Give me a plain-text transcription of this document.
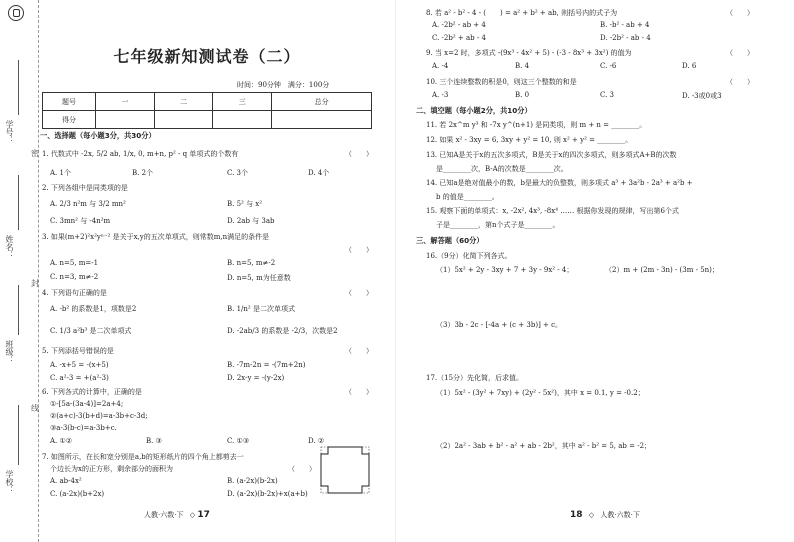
学号：
姓名：
班级：
学校：
密
封
线
七年级新知测试卷（二）
时间：90分钟　满分：100分
题号	一	二	三	总分
得分				
一、选择题（每小题3分，共30分）
1. 代数式中 -2x, 5/2 ab, 1/x, 0, m+n, p² - q 单项式的个数有	（　　）
A. 1个	B. 2个	C. 3个	D. 4个
2. 下列各组中是同类项的是
A. 2/3 n²m 与 3/2 mn²	B. 5² 与 x²
C. 3mn² 与 -4n²m	D. 2ab 与 3ab
3. 如果(m+2)²x²yⁿ⁻² 是关于x,y的五次单项式，则常数m,n满足的条件是
（　　）
A. n=5, m=-1	B. n=5, m≠-2
C. n=3, m≠-2	D. n=5, m为任意数
4. 下列语句正确的是	（　　）
A. -b² 的系数是1，项数是2	B. 1/n² 是二次单项式
C. 1/3 a²b³ 是二次单项式	D. -2ab/3 的系数是 -2/3，次数是2
5. 下列添括号错误的是	（　　）
A. -x+5 = -(x+5)	B. -7m-2n = -(7m+2n)
C. a²-3 = +(a²-3)	D. 2x-y = -(y-2x)
6. 下列各式的计算中，正确的是	（　　）
①-[5a-(3a-4)]=2a+4;
②(a+c)-3(b+d)=a-3b+c-3d;
③a-3(b-c)=a-3b+c.
A. ①②	B. ③	C. ①③	D. ②
7. 如图所示，在长和宽分别是a,b的矩形纸片的四个角上都剪去一
个边长为x的正方形，剩余部分的面积为	（　　）
A. ab-4x²	B. (a-2x)(b-2x)
C. (a-2x)(b+2x)	D. (a-2x)(b-2x)+x(a+b)
人教·六数·下 ◇ 17
8. 若 a² - b² - 4 - (　　) = a² + b² + ab, 则括号内的式子为	（　　）
A. -2b² - ab + 4	B. -b² - ab + 4
C. -2b² + ab - 4	D. -2b² - ab - 4
9. 当 x=2 时，多项式 -(9x³ - 4x² + 5) - (-3 - 8x³ + 3x²) 的值为	（　　）
A. -4	B. 4	C. -6	D. 6
10. 三个连续整数的积是0，则这三个整数的和是	（　　）
A. -3	B. 0	C. 3	D. -3或0或3
二、填空题（每小题2分，共10分）
11. 若 2x^m y³ 和 -7x y^(n+1) 是同类项，则 m + n = ________。
12. 如果 x² - 3xy = 6, 3xy + y² = 10, 则 x² + y² = ________。
13. 已知A是关于x的五次多项式，B是关于x的四次多项式，则多项式A+B的次数
是________次，B-A的次数是________次。
14. 已知a是绝对值最小的数，b是最大的负整数，则多项式 a³ + 3a²b - 2a³ + a²b +
b 的值是________。
15. 观察下面的单项式：x, -2x², 4x³, -8x⁴ …… 根据你发现的规律，写出第6个式
子是________，第n个式子是________。
三、解答题（60分）
16.（9分）化简下列各式。
（1）5x² + 2y - 3xy + 7 + 3y - 9x² - 4；	（2）m + (2m - 3n) - (3m - 5n)；
（3）3b - 2c - [-4a + (c + 3b)] + c。
17.（15分）先化简，后求值。
（1）5x² - (3y² + 7xy) + (2y² - 5x²)，其中 x = 0.1, y = -0.2；
（2）2a² - 3ab + b² - a² + ab - 2b²，其中 a² - b² = 5, ab = -2；
18 ◇ 人教·六数·下
